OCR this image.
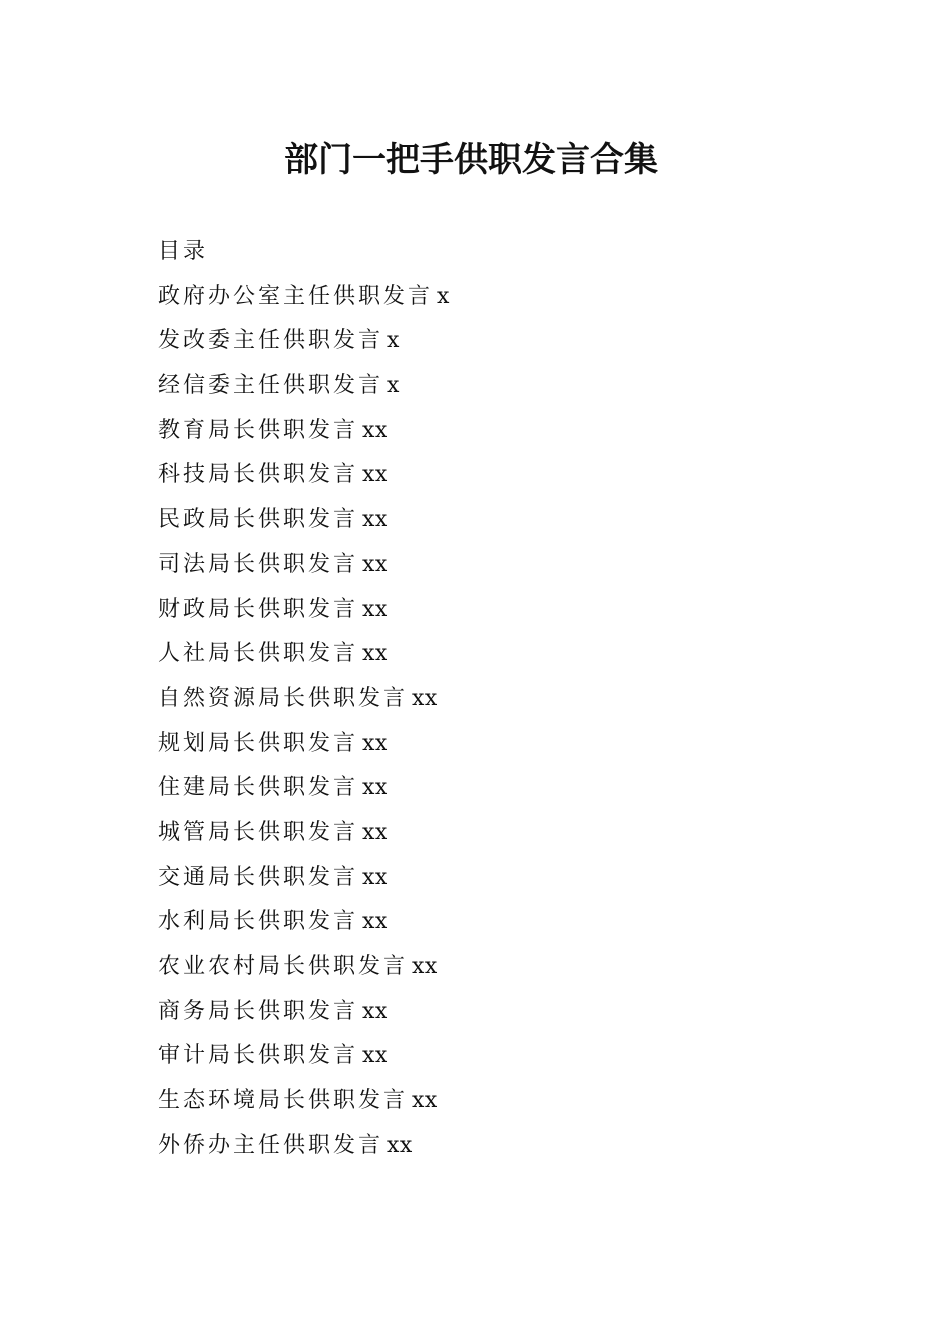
部门一把手供职发言合集
目录
政府办公室主任供职发言 x
发改委主任供职发言 x
经信委主任供职发言 x
教育局长供职发言 xx
科技局长供职发言 xx
民政局长供职发言 xx
司法局长供职发言 xx
财政局长供职发言 xx
人社局长供职发言 xx
自然资源局长供职发言 xx
规划局长供职发言 xx
住建局长供职发言 xx
城管局长供职发言 xx
交通局长供职发言 xx
水利局长供职发言 xx
农业农村局长供职发言 xx
商务局长供职发言 xx
审计局长供职发言 xx
生态环境局长供职发言 xx
外侨办主任供职发言 xx
